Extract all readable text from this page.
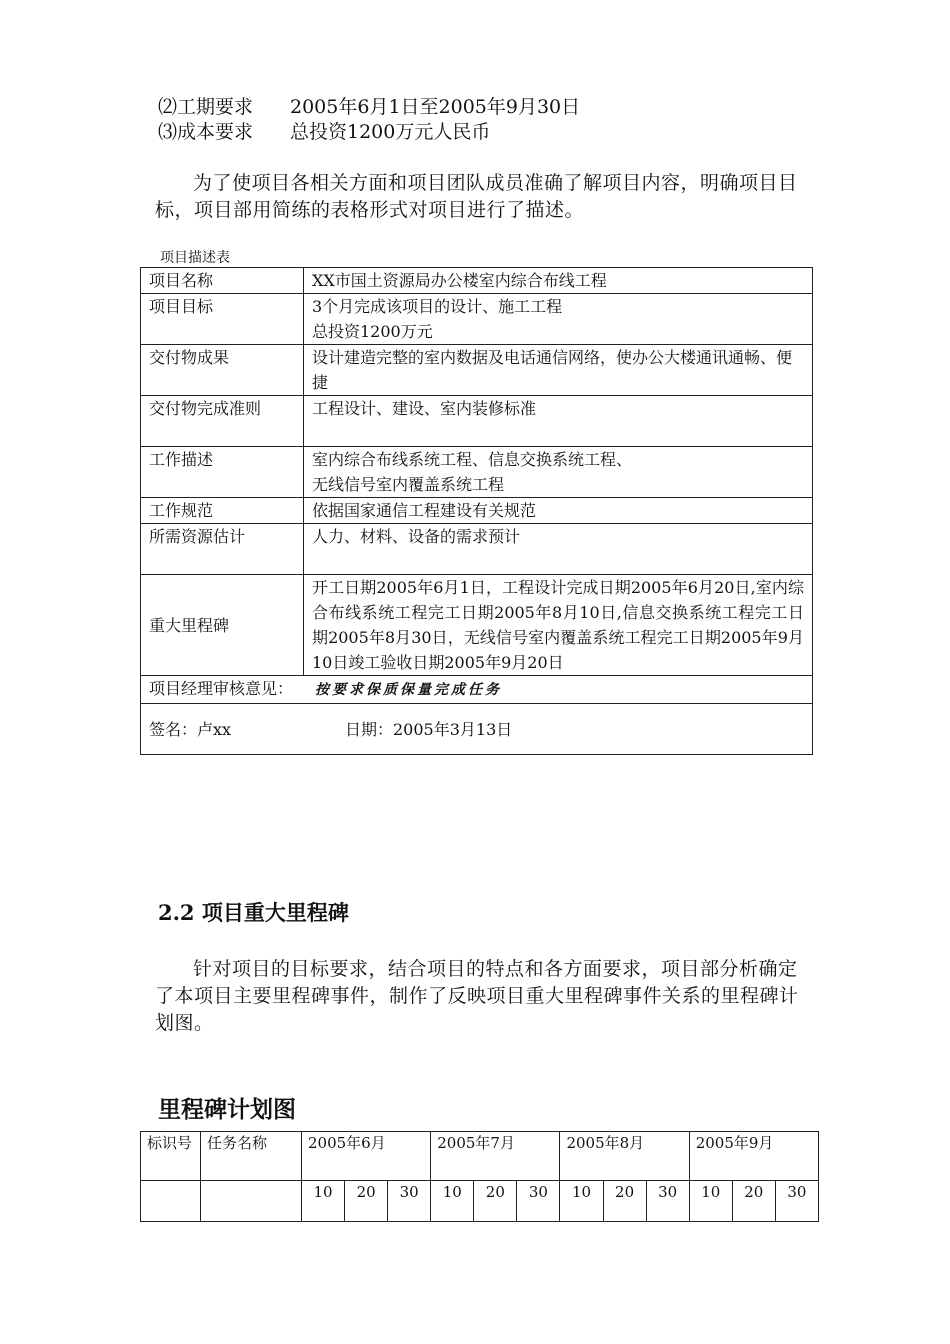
⑵工期要求 2005年6月1日至2005年9月30日
⑶成本要求 总投资1200万元人民币
为了使项目各相关方面和项目团队成员准确了解项目内容，明确项目目标，项目部用简练的表格形式对项目进行了描述。
项目描述表
项目名称	XX市国土资源局办公楼室内综合布线工程
项目目标	3个月完成该项目的设计、施工工程
总投资1200万元

交付物成果	设计建造完整的室内数据及电话通信网络，使办公大楼通讯通畅、便捷
交付物完成准则	工程设计、建设、室内装修标准
工作描述	室内综合布线系统工程、信息交换系统工程、
无线信号室内覆盖系统工程

工作规范	依据国家通信工程建设有关规范
所需资源估计	人力、材料、设备的需求预计
重大里程碑	开工日期2005年6月1日，工程设计完成日期2005年6月20日,室内综合布线系统工程完工日期2005年8月10日,信息交换系统工程完工日期2005年8月30日，无线信号室内覆盖系统工程完工日期2005年9月10日竣工验收日期2005年9月20日
项目经理审核意见： 按要求保质保量完成任务	
签名：卢xx 日期：2005年3月13日	
2.2 项目重大里程碑
针对项目的目标要求，结合项目的特点和各方面要求，项目部分析确定了本项目主要里程碑事件，制作了反映项目重大里程碑事件关系的里程碑计划图。
里程碑计划图
标识号	任务名称	2005年6月			2005年7月			2005年8月			2005年9月		
		10	20	30	10	20	30	10	20	30	10	20	30
